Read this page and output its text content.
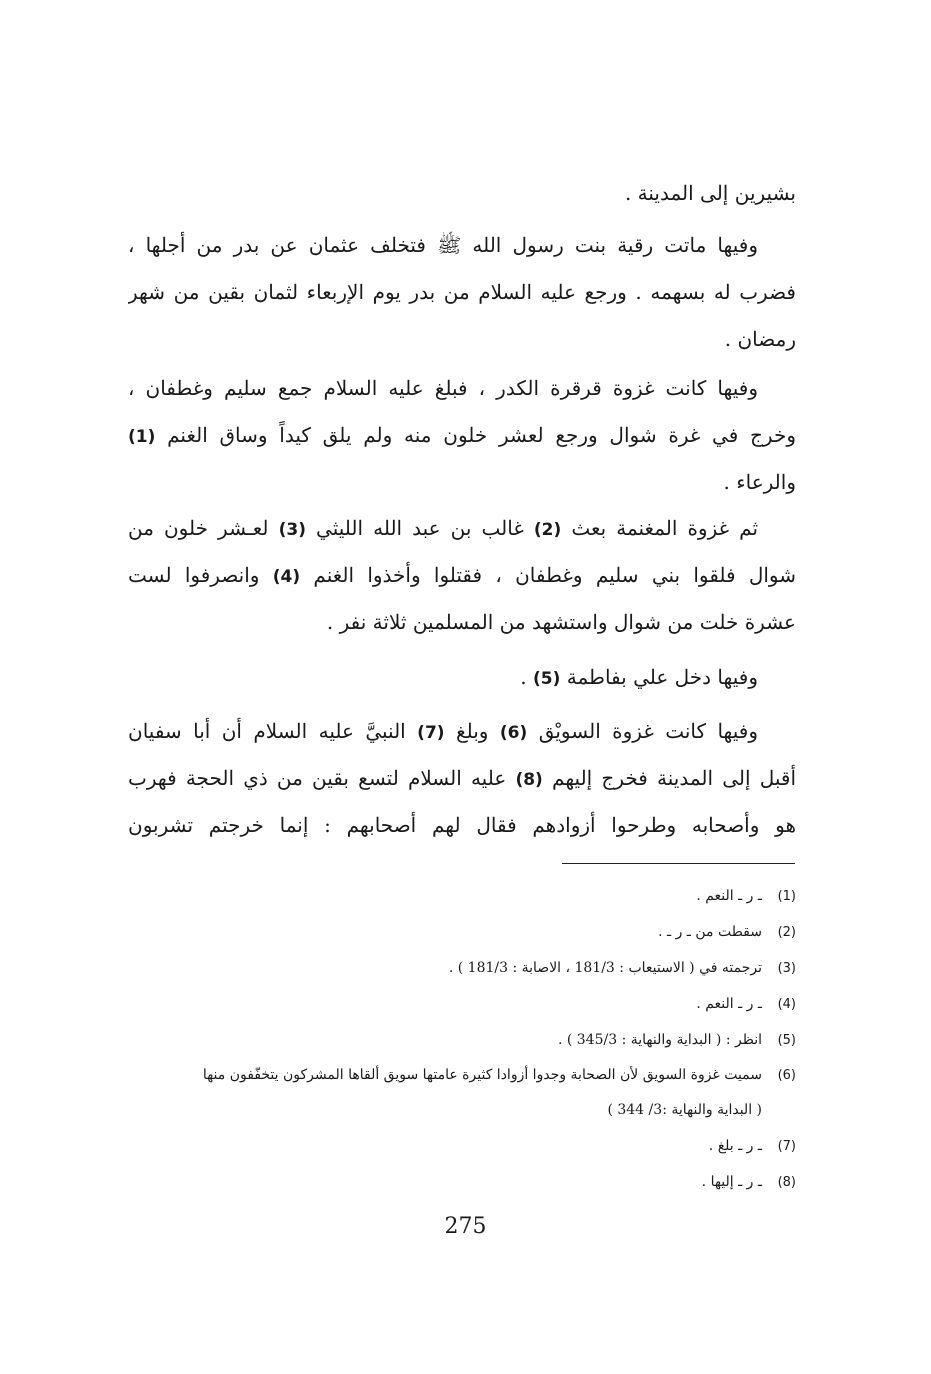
بشيرين إلى المدينة .
وفيها ماتت رقية بنت رسول الله ﷺ فتخلف عثمان عن بدر من أجلها ،
فضرب له بسهمه . ورجع عليه السلام من بدر يوم الإربعاء لثمان بقين من شهر
رمضان .
وفيها كانت غزوة قرقرة الكدر ، فبلغ عليه السلام جمع سليم وغطفان ،
وخرج في غرة شوال ورجع لعشر خلون منه ولم يلق كيداً وساق الغنم (1)
والرعاء .
ثم غزوة المغنمة بعث (2) غالب بن عبد الله الليثي (3) لعـشر خلون من
شوال فلقوا بني سليم وغطفان ، فقتلوا وأخذوا الغنم (4) وانصرفوا لست
عشرة خلت من شوال واستشهد من المسلمين ثلاثة نفر .
وفيها دخل علي بفاطمة (5) .
وفيها كانت غزوة السويْق (6) وبلغ (7) النبيَّ عليه السلام أن أبا سفيان
أقبل إلى المدينة فخرج إليهم (8) عليه السلام لتسع بقين من ذي الحجة فهرب
هو وأصحابه وطرحوا أزوادهم فقال لهم أصحابهم : إنما خرجتم تشربون
(1)ـ ر ـ النعم .
(2)سقطت من ـ ر ـ .
(3)ترجمته في ( الاستيعاب : 181/3 ، الاصابة : 181/3 ) .
(4)ـ ر ـ النعم .
(5)انظر : ( البداية والنهاية : 345/3 ) .
(6)سميت غزوة السويق لأن الصحابة وجدوا أزوادا كثيرة عامتها سويق ألقاها المشركون يتخفّفون منها
( البداية والنهاية :3/ 344 )
(7)ـ ر ـ بلغ .
(8)ـ ر ـ إليها .
275
